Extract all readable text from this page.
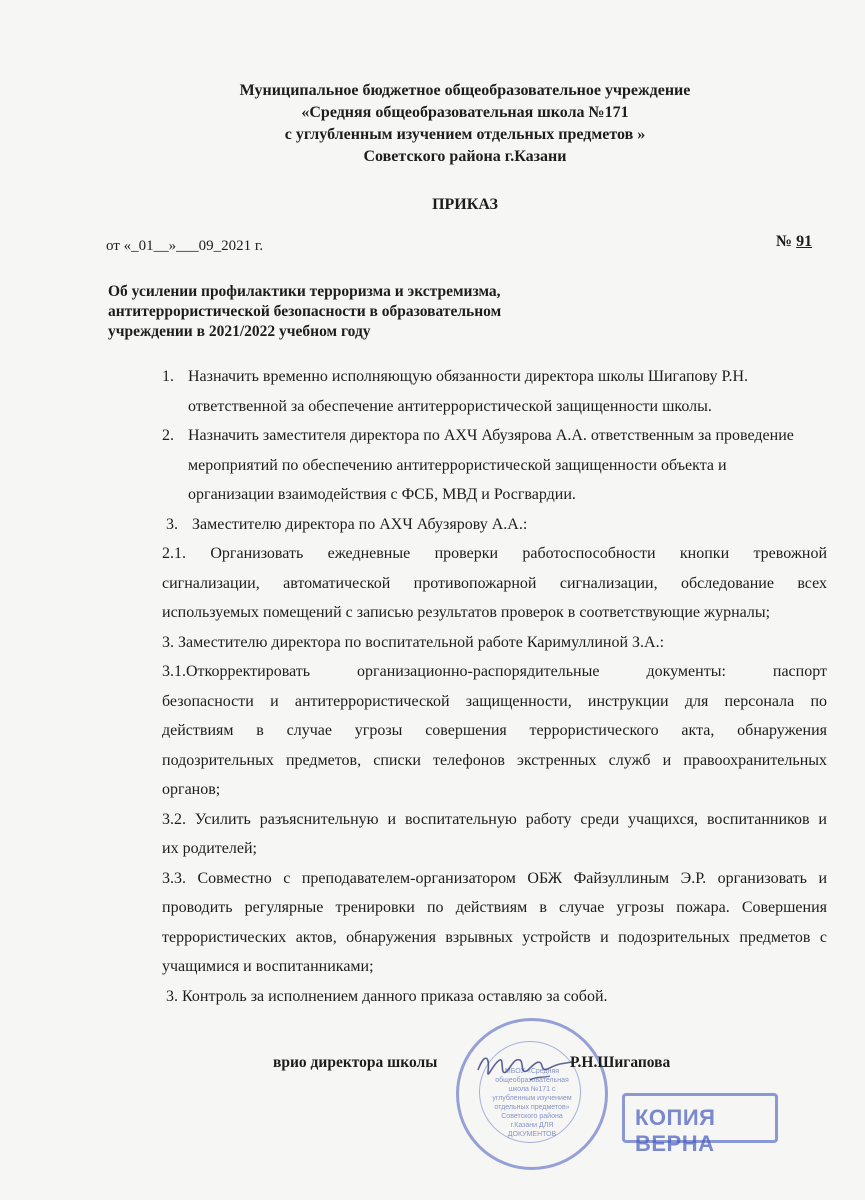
Муниципальное бюджетное общеобразовательное учреждение
«Средняя общеобразовательная школа №171
с углубленным изучением отдельных предметов »
Советского района г.Казани
ПРИКАЗ
от «_01__»___09_2021 г.	№ 91
Об усилении профилактики терроризма и экстремизма,
антитеррористической безопасности в образовательном
учреждении в 2021/2022 учебном году
1. Назначить временно исполняющую обязанности директора школы Шигапову Р.Н.
ответственной за обеспечение антитеррористической защищенности школы.
2. Назначить заместителя директора по АХЧ Абузярова А.А. ответственным за проведение
мероприятий по обеспечению антитеррористической защищенности объекта и
организации взаимодействия с ФСБ, МВД и Росгвардии.
3. Заместителю директора по АХЧ Абузярову А.А.:
2.1. Организовать ежедневные проверки работоспособности кнопки тревожной
сигнализации, автоматической противопожарной сигнализации, обследование всех
используемых помещений с записью результатов проверок в соответствующие журналы;
3. Заместителю директора по воспитательной работе Каримуллиной З.А.:
3.1.Откорректировать организационно-распорядительные документы: паспорт
безопасности и антитеррористической защищенности, инструкции для персонала по
действиям в случае угрозы совершения террористического акта, обнаружения
подозрительных предметов, списки телефонов экстренных служб и правоохранительных
органов;
3.2. Усилить разъяснительную и воспитательную работу среди учащихся, воспитанников и
их родителей;
3.3. Совместно с преподавателем-организатором ОБЖ Файзуллиным Э.Р. организовать и
проводить регулярные тренировки по действиям в случае угрозы пожара. Совершения
террористических актов, обнаружения взрывных устройств и подозрительных предметов с
учащимися и воспитанниками;
3. Контроль за исполнением данного приказа оставляю за собой.
МБОУ «Средняя общеобразовательная школа №171 с углубленным изучением отдельных предметов» Советского района г.Казани ДЛЯ ДОКУМЕНТОВ
врио директора школы	Р.Н.Шигапова
КОПИЯ ВЕРНА
